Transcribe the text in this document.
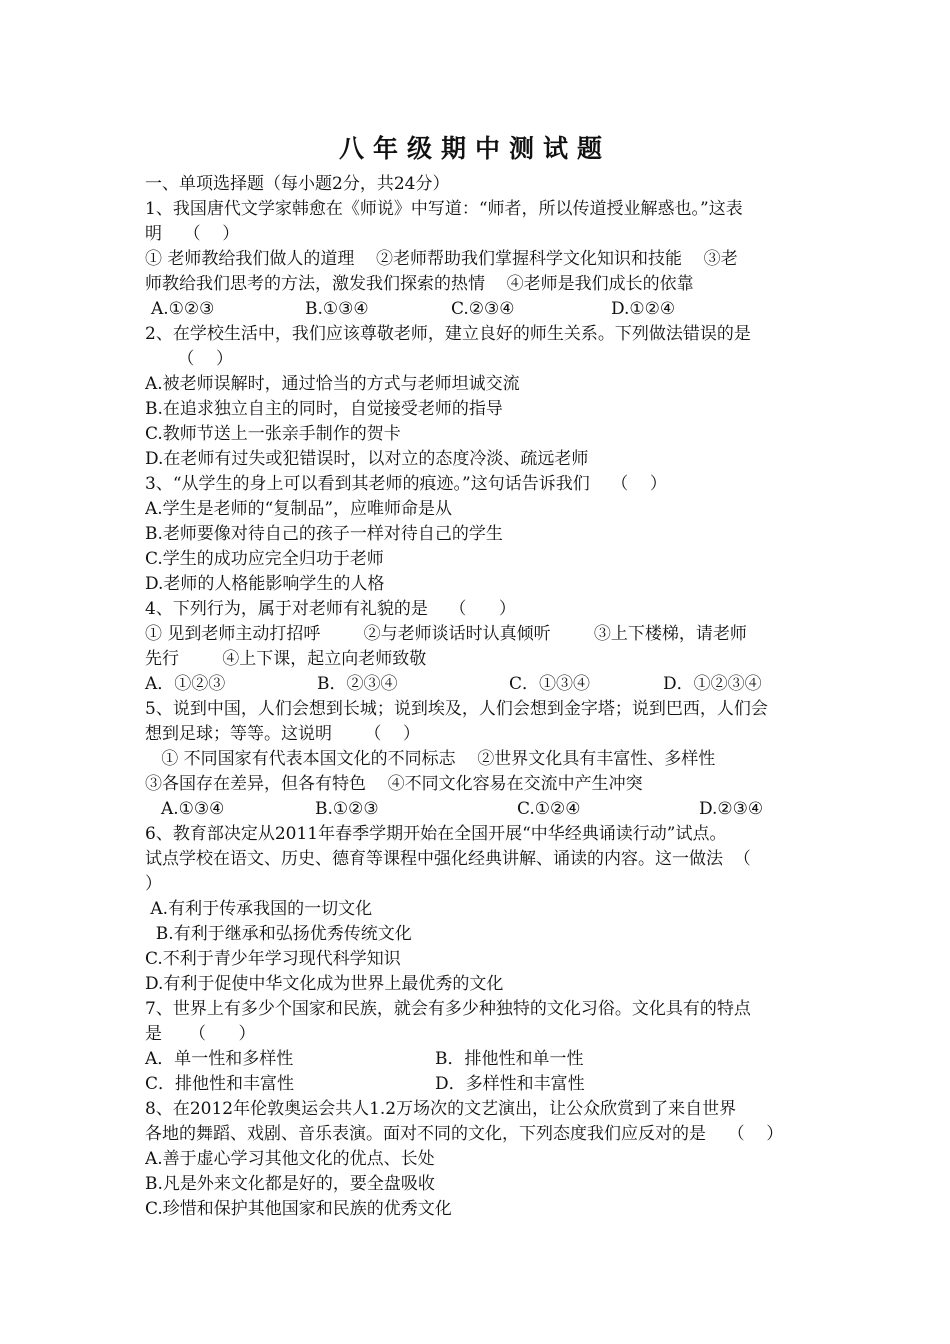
八年级期中测试题
一、单项选择题（每小题2分，共24分）
1、我国唐代文学家韩愈在《师说》中写道：“师者，所以传道授业解惑也。”这表
明    （    ）
① 老师教给我们做人的道理    ②老师帮助我们掌握科学文化知识和技能    ③老
师教给我们思考的方法，激发我们探索的热情    ④老师是我们成长的依靠
A.①②③	B.①③④	C.②③④	D.①②④
2、在学校生活中，我们应该尊敬老师，建立良好的师生关系。下列做法错误的是
（    ）
A.被老师误解时，通过恰当的方式与老师坦诚交流
B.在追求独立自主的同时，自觉接受老师的指导
C.教师节送上一张亲手制作的贺卡
D.在老师有过失或犯错误时，以对立的态度冷淡、疏远老师
3、“从学生的身上可以看到其老师的痕迹。”这句话告诉我们    （    ）
A.学生是老师的“复制品”，应唯师命是从
B.老师要像对待自己的孩子一样对待自己的学生
C.学生的成功应完全归功于老师
D.老师的人格能影响学生的人格
4、下列行为，属于对老师有礼貌的是    （      ）
① 见到老师主动打招呼        ②与老师谈话时认真倾听        ③上下楼梯，请老师
先行        ④上下课，起立向老师致敬
A．①②③	B．②③④	C．①③④	D．①②③④
5、说到中国，人们会想到长城；说到埃及，人们会想到金字塔；说到巴西，人们会
想到足球；等等。这说明      （    ）
① 不同国家有代表本国文化的不同标志    ②世界文化具有丰富性、多样性
③各国存在差异，但各有特色    ④不同文化容易在交流中产生冲突
A.①③④	B.①②③	C.①②④	D.②③④
6、教育部决定从2011年春季学期开始在全国开展“中华经典诵读行动”试点。
试点学校在语文、历史、德育等课程中强化经典讲解、诵读的内容。这一做法  （
）
A.有利于传承我国的一切文化
B.有利于继承和弘扬优秀传统文化
C.不利于青少年学习现代科学知识
D.有利于促使中华文化成为世界上最优秀的文化
7、世界上有多少个国家和民族，就会有多少种独特的文化习俗。文化具有的特点
是     （      ）
A．单一性和多样性	B．排他性和单一性
C．排他性和丰富性	D．多样性和丰富性
8、在2012年伦敦奥运会共人1.2万场次的文艺演出，让公众欣赏到了来自世界
各地的舞蹈、戏剧、音乐表演。面对不同的文化，下列态度我们应反对的是    （    ）
A.善于虚心学习其他文化的优点、长处
B.凡是外来文化都是好的，要全盘吸收
C.珍惜和保护其他国家和民族的优秀文化
